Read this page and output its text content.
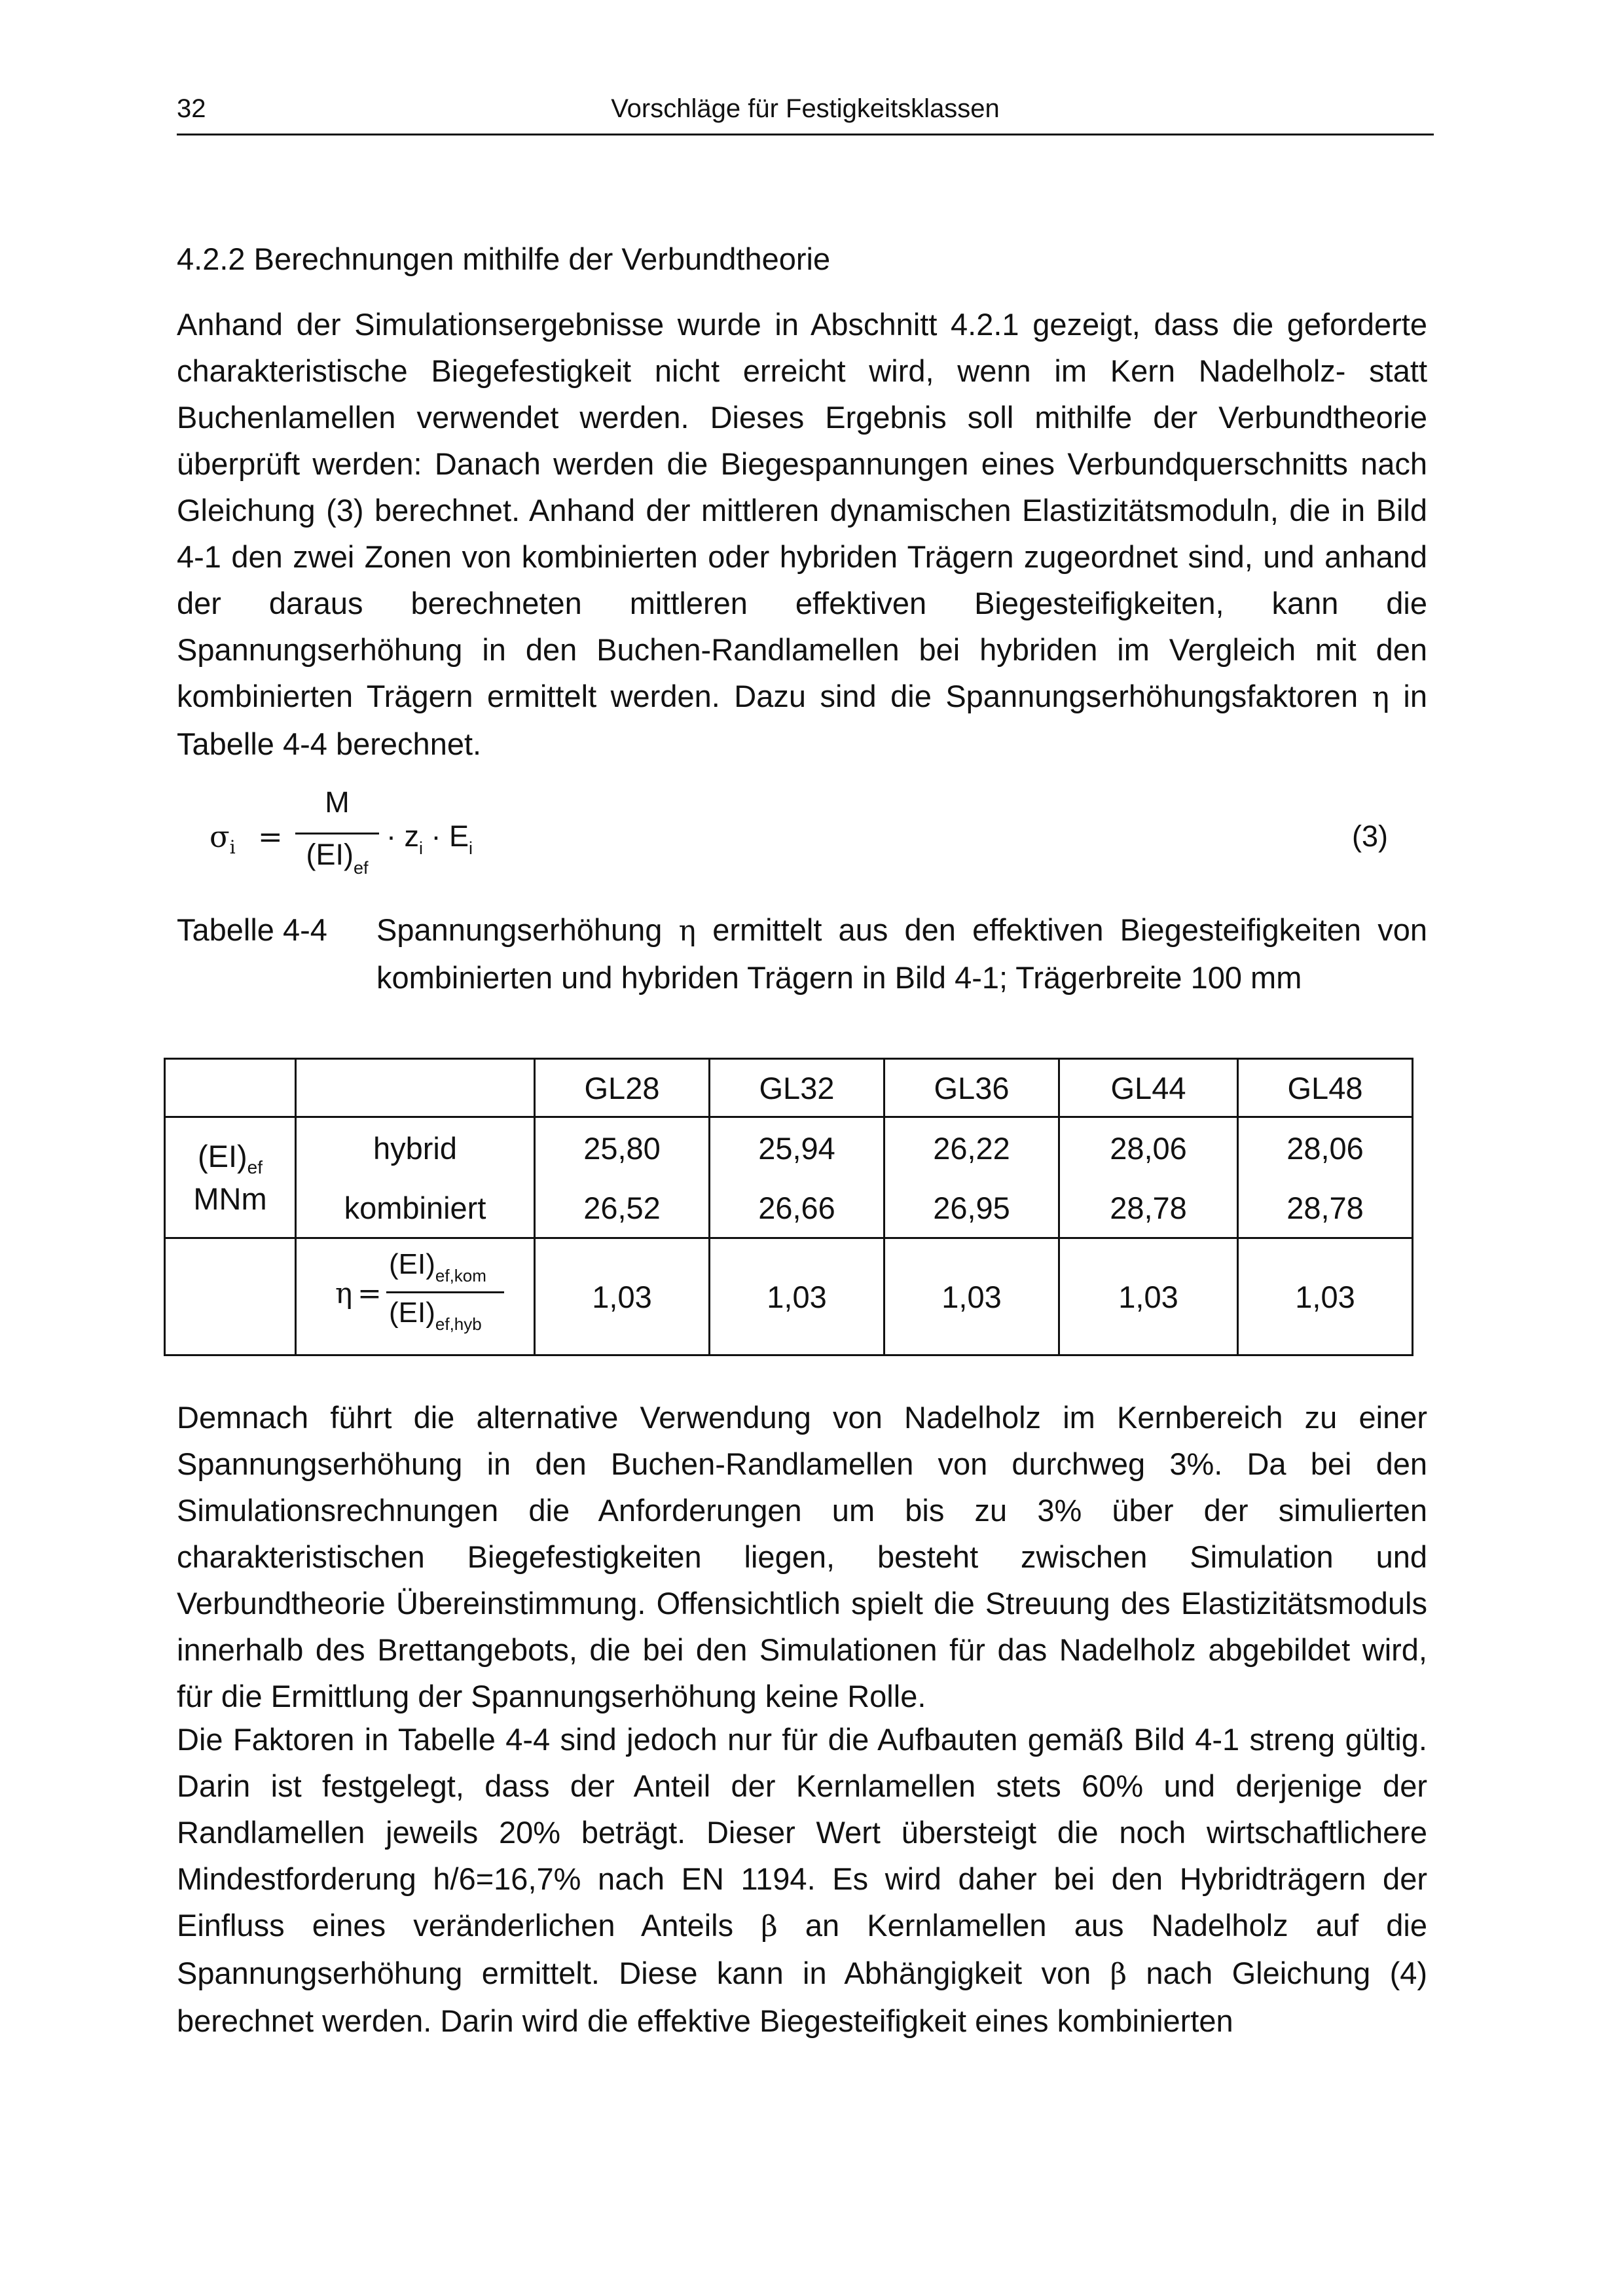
32	Vorschläge für Festigkeitsklassen
4.2.2 Berechnungen mithilfe der Verbundtheorie

Anhand der Simulationsergebnisse wurde in Abschnitt 4.2.1 gezeigt, dass die geforderte charakteristische Biegefestigkeit nicht erreicht wird, wenn im Kern Nadelholz- statt Buchenlamellen verwendet werden. Dieses Ergebnis soll mithilfe der Verbundtheorie überprüft werden: Danach werden die Biegespannungen eines Verbundquerschnitts nach Gleichung (3) berechnet. Anhand der mittleren dynamischen Elastizitätsmoduln, die in Bild 4-1 den zwei Zonen von kombinierten oder hybriden Trägern zugeordnet sind, und anhand der daraus berechneten mittleren effektiven Biegesteifigkeiten, kann die Spannungserhöhung in den Buchen-Randlamellen bei hybriden im Vergleich mit den kombinierten Trägern ermittelt werden. Dazu sind die Spannungserhöhungsfaktoren η in Tabelle 4-4 berechnet.

$\sigma_i$ =
M
$(EI)_{ef}$
· $z_i \cdot E_i$	(3)
Tabelle 4-4 Spannungserhöhung η ermittelt aus den effektiven Biegesteifigkeiten von kombinierten und hybriden Trägern in Bild 4-1; Trägerbreite 100 mm

		GL28	GL32	GL36	GL44	GL48
$(EI)_{ef}$	hybrid	25,80	25,94	26,22	28,06	28,06
MNm	kombiniert	26,52	26,66	26,95	28,78	28,78

	η =
$(EI)_{ef,kom}$
$(EI)_{ef,hyb}$	1,03	1,03	1,03	1,03	1,03

Demnach führt die alternative Verwendung von Nadelholz im Kernbereich zu einer Spannungserhöhung in den Buchen-Randlamellen von durchweg 3%. Da bei den Simulationsrechnungen die Anforderungen um bis zu 3% über der simulierten charakteristischen Biegefestigkeiten liegen, besteht zwischen Simulation und Verbundtheorie Übereinstimmung. Offensichtlich spielt die Streuung des Elastizitätsmoduls innerhalb des Brettangebots, die bei den Simulationen für das Nadelholz abgebildet wird, für die Ermittlung der Spannungserhöhung keine Rolle.

Die Faktoren in Tabelle 4-4 sind jedoch nur für die Aufbauten gemäß Bild 4-1 streng gültig. Darin ist festgelegt, dass der Anteil der Kernlamellen stets 60% und derjenige der Randlamellen jeweils 20% beträgt. Dieser Wert übersteigt die noch wirtschaftlichere Mindestforderung h/6=16,7% nach EN 1194. Es wird daher bei den Hybridträgern der Einfluss eines veränderlichen Anteils β an Kernlamellen aus Nadelholz auf die Spannungserhöhung ermittelt. Diese kann in Abhängigkeit von β nach Gleichung (4) berechnet werden. Darin wird die effektive Biegesteifigkeit eines kombinierten
